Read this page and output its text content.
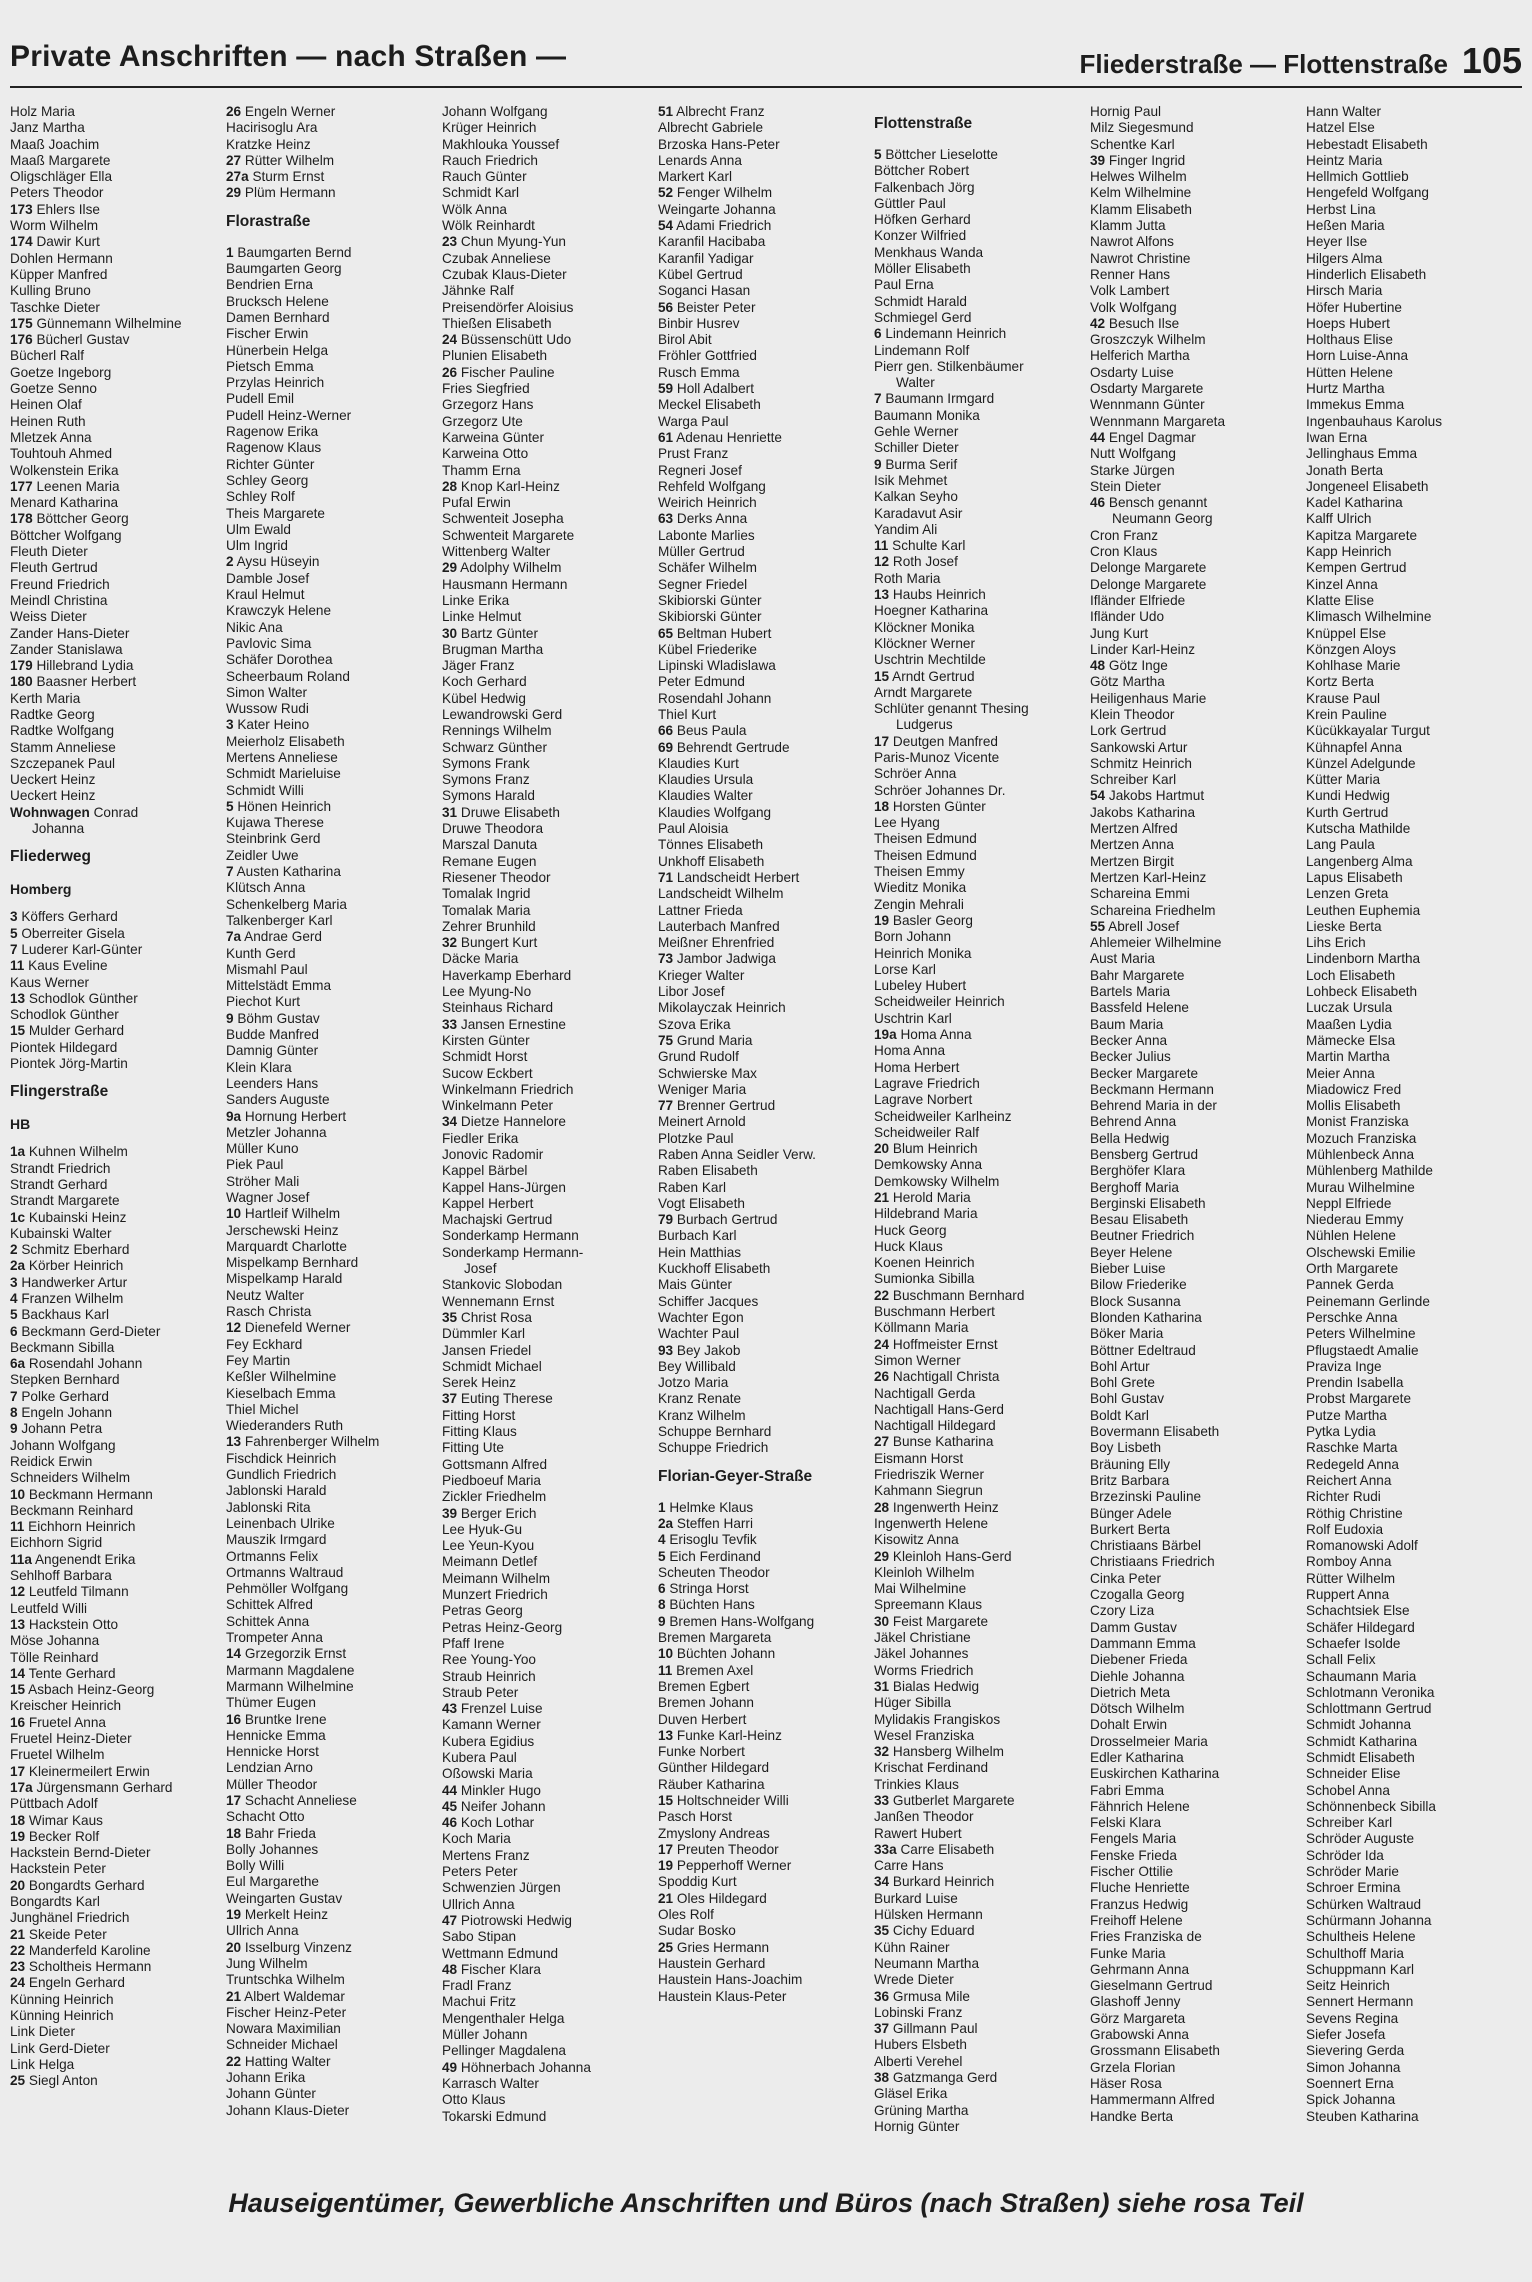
Private Anschriften — nach Straßen —	Fliederstraße — Flottenstraße 105
Holz Maria
Janz Martha
Maaß Joachim
Maaß Margarete
Oligschläger Ella
Peters Theodor
173 Ehlers Ilse
Worm Wilhelm
174 Dawir Kurt
Dohlen Hermann
Küpper Manfred
Kulling Bruno
Taschke Dieter
175 Günnemann Wilhelmine
176 Bücherl Gustav
Bücherl Ralf
Goetze Ingeborg
Goetze Senno
Heinen Olaf
Heinen Ruth
Mletzek Anna
Touhtouh Ahmed
Wolkenstein Erika
177 Leenen Maria
Menard Katharina
178 Böttcher Georg
Böttcher Wolfgang
Fleuth Dieter
Fleuth Gertrud
Freund Friedrich
Meindl Christina
Weiss Dieter
Zander Hans-Dieter
Zander Stanislawa
179 Hillebrand Lydia
180 Baasner Herbert
Kerth Maria
Radtke Georg
Radtke Wolfgang
Stamm Anneliese
Szczepanek Paul
Ueckert Heinz
Ueckert Heinz
Wohnwagen Conrad
Johanna
Fliederweg
Homberg
3 Köffers Gerhard
5 Oberreiter Gisela
7 Luderer Karl-Günter
11 Kaus Eveline
Kaus Werner
13 Schodlok Günther
Schodlok Günther
15 Mulder Gerhard
Piontek Hildegard
Piontek Jörg-Martin
Flingerstraße
HB
1a Kuhnen Wilhelm
Strandt Friedrich
Strandt Gerhard
Strandt Margarete
1c Kubainski Heinz
Kubainski Walter
2 Schmitz Eberhard
2a Körber Heinrich
3 Handwerker Artur
4 Franzen Wilhelm
5 Backhaus Karl
6 Beckmann Gerd-Dieter
Beckmann Sibilla
6a Rosendahl Johann
Stepken Bernhard
7 Polke Gerhard
8 Engeln Johann
9 Johann Petra
Johann Wolfgang
Reidick Erwin
Schneiders Wilhelm
10 Beckmann Hermann
Beckmann Reinhard
11 Eichhorn Heinrich
Eichhorn Sigrid
11a Angenendt Erika
Sehlhoff Barbara
12 Leutfeld Tilmann
Leutfeld Willi
13 Hackstein Otto
Möse Johanna
Tölle Reinhard
14 Tente Gerhard
15 Asbach Heinz-Georg
Kreischer Heinrich
16 Fruetel Anna
Fruetel Heinz-Dieter
Fruetel Wilhelm
17 Kleinermeilert Erwin
17a Jürgensmann Gerhard
Püttbach Adolf
18 Wimar Kaus
19 Becker Rolf
Hackstein Bernd-Dieter
Hackstein Peter
20 Bongardts Gerhard
Bongardts Karl
Junghänel Friedrich
21 Skeide Peter
22 Manderfeld Karoline
23 Scholtheis Hermann
24 Engeln Gerhard
Künning Heinrich
Künning Heinrich
Link Dieter
Link Gerd-Dieter
Link Helga
25 Siegl Anton
26 Engeln Werner
Hacirisoglu Ara
Kratzke Heinz
27 Rütter Wilhelm
27a Sturm Ernst
29 Plüm Hermann
Florastraße
1 Baumgarten Bernd
Baumgarten Georg
Bendrien Erna
Brucksch Helene
Damen Bernhard
Fischer Erwin
Hünerbein Helga
Pietsch Emma
Przylas Heinrich
Pudell Emil
Pudell Heinz-Werner
Ragenow Erika
Ragenow Klaus
Richter Günter
Schley Georg
Schley Rolf
Theis Margarete
Ulm Ewald
Ulm Ingrid
2 Aysu Hüseyin
Damble Josef
Kraul Helmut
Krawczyk Helene
Nikic Ana
Pavlovic Sima
Schäfer Dorothea
Scheerbaum Roland
Simon Walter
Wussow Rudi
3 Kater Heino
Meierholz Elisabeth
Mertens Anneliese
Schmidt Marieluise
Schmidt Willi
5 Hönen Heinrich
Kujawa Therese
Steinbrink Gerd
Zeidler Uwe
7 Austen Katharina
Klütsch Anna
Schenkelberg Maria
Talkenberger Karl
7a Andrae Gerd
Kunth Gerd
Mismahl Paul
Mittelstädt Emma
Piechot Kurt
9 Böhm Gustav
Budde Manfred
Damnig Günter
Klein Klara
Leenders Hans
Sanders Auguste
9a Hornung Herbert
Metzler Johanna
Müller Kuno
Piek Paul
Ströher Mali
Wagner Josef
10 Hartleif Wilhelm
Jerschewski Heinz
Marquardt Charlotte
Mispelkamp Bernhard
Mispelkamp Harald
Neutz Walter
Rasch Christa
12 Dienefeld Werner
Fey Eckhard
Fey Martin
Keßler Wilhelmine
Kieselbach Emma
Thiel Michel
Wiederanders Ruth
13 Fahrenberger Wilhelm
Fischdick Heinrich
Gundlich Friedrich
Jablonski Harald
Jablonski Rita
Leinenbach Ulrike
Mauszik Irmgard
Ortmanns Felix
Ortmanns Waltraud
Pehmöller Wolfgang
Schittek Alfred
Schittek Anna
Trompeter Anna
14 Grzegorzik Ernst
Marmann Magdalene
Marmann Wilhelmine
Thümer Eugen
16 Bruntke Irene
Hennicke Emma
Hennicke Horst
Lendzian Arno
Müller Theodor
17 Schacht Anneliese
Schacht Otto
18 Bahr Frieda
Bolly Johannes
Bolly Willi
Eul Margarethe
Weingarten Gustav
19 Merkelt Heinz
Ullrich Anna
20 Isselburg Vinzenz
Jung Wilhelm
Truntschka Wilhelm
21 Albert Waldemar
Fischer Heinz-Peter
Nowara Maximilian
Schneider Michael
22 Hatting Walter
Johann Erika
Johann Günter
Johann Klaus-Dieter
Johann Wolfgang
Krüger Heinrich
Makhlouka Youssef
Rauch Friedrich
Rauch Günter
Schmidt Karl
Wölk Anna
Wölk Reinhardt
23 Chun Myung-Yun
Czubak Anneliese
Czubak Klaus-Dieter
Jähnke Ralf
Preisendörfer Aloisius
Thießen Elisabeth
24 Büssenschütt Udo
Plunien Elisabeth
26 Fischer Pauline
Fries Siegfried
Grzegorz Hans
Grzegorz Ute
Karweina Günter
Karweina Otto
Thamm Erna
28 Knop Karl-Heinz
Pufal Erwin
Schwenteit Josepha
Schwenteit Margarete
Wittenberg Walter
29 Adolphy Wilhelm
Hausmann Hermann
Linke Erika
Linke Helmut
30 Bartz Günter
Brugman Martha
Jäger Franz
Koch Gerhard
Kübel Hedwig
Lewandrowski Gerd
Rennings Wilhelm
Schwarz Günther
Symons Frank
Symons Franz
Symons Harald
31 Druwe Elisabeth
Druwe Theodora
Marszal Danuta
Remane Eugen
Riesener Theodor
Tomalak Ingrid
Tomalak Maria
Zehrer Brunhild
32 Bungert Kurt
Däcke Maria
Haverkamp Eberhard
Lee Myung-No
Steinhaus Richard
33 Jansen Ernestine
Kirsten Günter
Schmidt Horst
Sucow Eckbert
Winkelmann Friedrich
Winkelmann Peter
34 Dietze Hannelore
Fiedler Erika
Jonovic Radomir
Kappel Bärbel
Kappel Hans-Jürgen
Kappel Herbert
Machajski Gertrud
Sonderkamp Hermann
Sonderkamp Hermann-
Josef
Stankovic Slobodan
Wennemann Ernst
35 Christ Rosa
Dümmler Karl
Jansen Friedel
Schmidt Michael
Serek Heinz
37 Euting Therese
Fitting Horst
Fitting Klaus
Fitting Ute
Gottsmann Alfred
Piedboeuf Maria
Zickler Friedhelm
39 Berger Erich
Lee Hyuk-Gu
Lee Yeun-Kyou
Meimann Detlef
Meimann Wilhelm
Munzert Friedrich
Petras Georg
Petras Heinz-Georg
Pfaff Irene
Ree Young-Yoo
Straub Heinrich
Straub Peter
43 Frenzel Luise
Kamann Werner
Kubera Egidius
Kubera Paul
Oßowski Maria
44 Minkler Hugo
45 Neifer Johann
46 Koch Lothar
Koch Maria
Mertens Franz
Peters Peter
Schwenzien Jürgen
Ullrich Anna
47 Piotrowski Hedwig
Sabo Stipan
Wettmann Edmund
48 Fischer Klara
Fradl Franz
Machui Fritz
Mengenthaler Helga
Müller Johann
Pellinger Magdalena
49 Höhnerbach Johanna
Karrasch Walter
Otto Klaus
Tokarski Edmund
51 Albrecht Franz
Albrecht Gabriele
Brzoska Hans-Peter
Lenards Anna
Markert Karl
52 Fenger Wilhelm
Weingarte Johanna
54 Adami Friedrich
Karanfil Hacibaba
Karanfil Yadigar
Kübel Gertrud
Soganci Hasan
56 Beister Peter
Binbir Husrev
Birol Abit
Fröhler Gottfried
Rusch Emma
59 Holl Adalbert
Meckel Elisabeth
Warga Paul
61 Adenau Henriette
Prust Franz
Regneri Josef
Rehfeld Wolfgang
Weirich Heinrich
63 Derks Anna
Labonte Marlies
Müller Gertrud
Schäfer Wilhelm
Segner Friedel
Skibiorski Günter
Skibiorski Günter
65 Beltman Hubert
Kübel Friederike
Lipinski Wladislawa
Peter Edmund
Rosendahl Johann
Thiel Kurt
66 Beus Paula
69 Behrendt Gertrude
Klaudies Kurt
Klaudies Ursula
Klaudies Walter
Klaudies Wolfgang
Paul Aloisia
Tönnes Elisabeth
Unkhoff Elisabeth
71 Landscheidt Herbert
Landscheidt Wilhelm
Lattner Frieda
Lauterbach Manfred
Meißner Ehrenfried
73 Jambor Jadwiga
Krieger Walter
Libor Josef
Mikolayczak Heinrich
Szova Erika
75 Grund Maria
Grund Rudolf
Schwierske Max
Weniger Maria
77 Brenner Gertrud
Meinert Arnold
Plotzke Paul
Raben Anna Seidler Verw.
Raben Elisabeth
Raben Karl
Vogt Elisabeth
79 Burbach Gertrud
Burbach Karl
Hein Matthias
Kuckhoff Elisabeth
Mais Günter
Schiffer Jacques
Wachter Egon
Wachter Paul
93 Bey Jakob
Bey Willibald
Jotzo Maria
Kranz Renate
Kranz Wilhelm
Schuppe Bernhard
Schuppe Friedrich
Florian-Geyer-Straße
1 Helmke Klaus
2a Steffen Harri
4 Erisoglu Tevfik
5 Eich Ferdinand
Scheuten Theodor
6 Stringa Horst
8 Büchten Hans
9 Bremen Hans-Wolfgang
Bremen Margareta
10 Büchten Johann
11 Bremen Axel
Bremen Egbert
Bremen Johann
Duven Herbert
13 Funke Karl-Heinz
Funke Norbert
Günther Hildegard
Räuber Katharina
15 Holtschneider Willi
Pasch Horst
Zmyslony Andreas
17 Preuten Theodor
19 Pepperhoff Werner
Spoddig Kurt
21 Oles Hildegard
Oles Rolf
Sudar Bosko
25 Gries Hermann
Haustein Gerhard
Haustein Hans-Joachim
Haustein Klaus-Peter
Flottenstraße
5 Böttcher Lieselotte
Böttcher Robert
Falkenbach Jörg
Güttler Paul
Höfken Gerhard
Konzer Wilfried
Menkhaus Wanda
Möller Elisabeth
Paul Erna
Schmidt Harald
Schmiegel Gerd
6 Lindemann Heinrich
Lindemann Rolf
Pierr gen. Stilkenbäumer
Walter
7 Baumann Irmgard
Baumann Monika
Gehle Werner
Schiller Dieter
9 Burma Serif
Isik Mehmet
Kalkan Seyho
Karadavut Asir
Yandim Ali
11 Schulte Karl
12 Roth Josef
Roth Maria
13 Haubs Heinrich
Hoegner Katharina
Klöckner Monika
Klöckner Werner
Uschtrin Mechtilde
15 Arndt Gertrud
Arndt Margarete
Schlüter genannt Thesing
Ludgerus
17 Deutgen Manfred
Paris-Munoz Vicente
Schröer Anna
Schröer Johannes Dr.
18 Horsten Günter
Lee Hyang
Theisen Edmund
Theisen Edmund
Theisen Emmy
Wieditz Monika
Zengin Mehrali
19 Basler Georg
Born Johann
Heinrich Monika
Lorse Karl
Lubeley Hubert
Scheidweiler Heinrich
Uschtrin Karl
19a Homa Anna
Homa Anna
Homa Herbert
Lagrave Friedrich
Lagrave Norbert
Scheidweiler Karlheinz
Scheidweiler Ralf
20 Blum Heinrich
Demkowsky Anna
Demkowsky Wilhelm
21 Herold Maria
Hildebrand Maria
Huck Georg
Huck Klaus
Koenen Heinrich
Sumionka Sibilla
22 Buschmann Bernhard
Buschmann Herbert
Köllmann Maria
24 Hoffmeister Ernst
Simon Werner
26 Nachtigall Christa
Nachtigall Gerda
Nachtigall Hans-Gerd
Nachtigall Hildegard
27 Bunse Katharina
Eismann Horst
Friedriszik Werner
Kahmann Siegrun
28 Ingenwerth Heinz
Ingenwerth Helene
Kisowitz Anna
29 Kleinloh Hans-Gerd
Kleinloh Wilhelm
Mai Wilhelmine
Spreemann Klaus
30 Feist Margarete
Jäkel Christiane
Jäkel Johannes
Worms Friedrich
31 Bialas Hedwig
Hüger Sibilla
Mylidakis Frangiskos
Wesel Franziska
32 Hansberg Wilhelm
Krischat Ferdinand
Trinkies Klaus
33 Gutberlet Margarete
Janßen Theodor
Rawert Hubert
33a Carre Elisabeth
Carre Hans
34 Burkard Heinrich
Burkard Luise
Hülsken Hermann
35 Cichy Eduard
Kühn Rainer
Neumann Martha
Wrede Dieter
36 Grmusa Mile
Lobinski Franz
37 Gillmann Paul
Hubers Elsbeth
Alberti Verehel
38 Gatzmanga Gerd
Gläsel Erika
Grüning Martha
Hornig Günter
Hornig Paul
Milz Siegesmund
Schentke Karl
39 Finger Ingrid
Helwes Wilhelm
Kelm Wilhelmine
Klamm Elisabeth
Klamm Jutta
Nawrot Alfons
Nawrot Christine
Renner Hans
Volk Lambert
Volk Wolfgang
42 Besuch Ilse
Groszczyk Wilhelm
Helferich Martha
Osdarty Luise
Osdarty Margarete
Wennmann Günter
Wennmann Margareta
44 Engel Dagmar
Nutt Wolfgang
Starke Jürgen
Stein Dieter
46 Bensch genannt
Neumann Georg
Cron Franz
Cron Klaus
Delonge Margarete
Delonge Margarete
Ifländer Elfriede
Ifländer Udo
Jung Kurt
Linder Karl-Heinz
48 Götz Inge
Götz Martha
Heiligenhaus Marie
Klein Theodor
Lork Gertrud
Sankowski Artur
Schmitz Heinrich
Schreiber Karl
54 Jakobs Hartmut
Jakobs Katharina
Mertzen Alfred
Mertzen Anna
Mertzen Birgit
Mertzen Karl-Heinz
Schareina Emmi
Schareina Friedhelm
55 Abrell Josef
Ahlemeier Wilhelmine
Aust Maria
Bahr Margarete
Bartels Maria
Bassfeld Helene
Baum Maria
Becker Anna
Becker Julius
Becker Margarete
Beckmann Hermann
Behrend Maria in der
Behrend Anna
Bella Hedwig
Bensberg Gertrud
Berghöfer Klara
Berghoff Maria
Berginski Elisabeth
Besau Elisabeth
Beutner Friedrich
Beyer Helene
Bieber Luise
Bilow Friederike
Block Susanna
Blonden Katharina
Böker Maria
Böttner Edeltraud
Bohl Artur
Bohl Grete
Bohl Gustav
Boldt Karl
Bovermann Elisabeth
Boy Lisbeth
Bräuning Elly
Britz Barbara
Brzezinski Pauline
Bünger Adele
Burkert Berta
Christiaans Bärbel
Christiaans Friedrich
Cinka Peter
Czogalla Georg
Czory Liza
Damm Gustav
Dammann Emma
Diebener Frieda
Diehle Johanna
Dietrich Meta
Dötsch Wilhelm
Dohalt Erwin
Drosselmeier Maria
Edler Katharina
Euskirchen Katharina
Fabri Emma
Fähnrich Helene
Felski Klara
Fengels Maria
Fenske Frieda
Fischer Ottilie
Fluche Henriette
Franzus Hedwig
Freihoff Helene
Fries Franziska de
Funke Maria
Gehrmann Anna
Gieselmann Gertrud
Glashoff Jenny
Görz Margareta
Grabowski Anna
Grossmann Elisabeth
Grzela Florian
Häser Rosa
Hammermann Alfred
Handke Berta
Hann Walter
Hatzel Else
Hebestadt Elisabeth
Heintz Maria
Hellmich Gottlieb
Hengefeld Wolfgang
Herbst Lina
Heßen Maria
Heyer Ilse
Hilgers Alma
Hinderlich Elisabeth
Hirsch Maria
Höfer Hubertine
Hoeps Hubert
Holthaus Elise
Horn Luise-Anna
Hütten Helene
Hurtz Martha
Immekus Emma
Ingenbauhaus Karolus
Iwan Erna
Jellinghaus Emma
Jonath Berta
Jongeneel Elisabeth
Kadel Katharina
Kalff Ulrich
Kapitza Margarete
Kapp Heinrich
Kempen Gertrud
Kinzel Anna
Klatte Elise
Klimasch Wilhelmine
Knüppel Else
Könzgen Aloys
Kohlhase Marie
Kortz Berta
Krause Paul
Krein Pauline
Kücükkayalar Turgut
Kühnapfel Anna
Künzel Adelgunde
Kütter Maria
Kundi Hedwig
Kurth Gertrud
Kutscha Mathilde
Lang Paula
Langenberg Alma
Lapus Elisabeth
Lenzen Greta
Leuthen Euphemia
Lieske Berta
Lihs Erich
Lindenborn Martha
Loch Elisabeth
Lohbeck Elisabeth
Luczak Ursula
Maaßen Lydia
Mämecke Elsa
Martin Martha
Meier Anna
Miadowicz Fred
Mollis Elisabeth
Monist Franziska
Mozuch Franziska
Mühlenbeck Anna
Mühlenberg Mathilde
Murau Wilhelmine
Neppl Elfriede
Niederau Emmy
Nühlen Helene
Olschewski Emilie
Orth Margarete
Pannek Gerda
Peinemann Gerlinde
Perschke Anna
Peters Wilhelmine
Pflugstaedt Amalie
Praviza Inge
Prendin Isabella
Probst Margarete
Putze Martha
Pytka Lydia
Raschke Marta
Redegeld Anna
Reichert Anna
Richter Rudi
Röthig Christine
Rolf Eudoxia
Romanowski Adolf
Romboy Anna
Rütter Wilhelm
Ruppert Anna
Schachtsiek Else
Schäfer Hildegard
Schaefer Isolde
Schall Felix
Schaumann Maria
Schlotmann Veronika
Schlottmann Gertrud
Schmidt Johanna
Schmidt Katharina
Schmidt Elisabeth
Schneider Elise
Schobel Anna
Schönnenbeck Sibilla
Schreiber Karl
Schröder Auguste
Schröder Ida
Schröder Marie
Schroer Ermina
Schürken Waltraud
Schürmann Johanna
Schultheis Helene
Schulthoff Maria
Schuppmann Karl
Seitz Heinrich
Sennert Hermann
Sevens Regina
Siefer Josefa
Sievering Gerda
Simon Johanna
Soennert Erna
Spick Johanna
Steuben Katharina
Hauseigentümer, Gewerbliche Anschriften und Büros (nach Straßen) siehe rosa Teil
